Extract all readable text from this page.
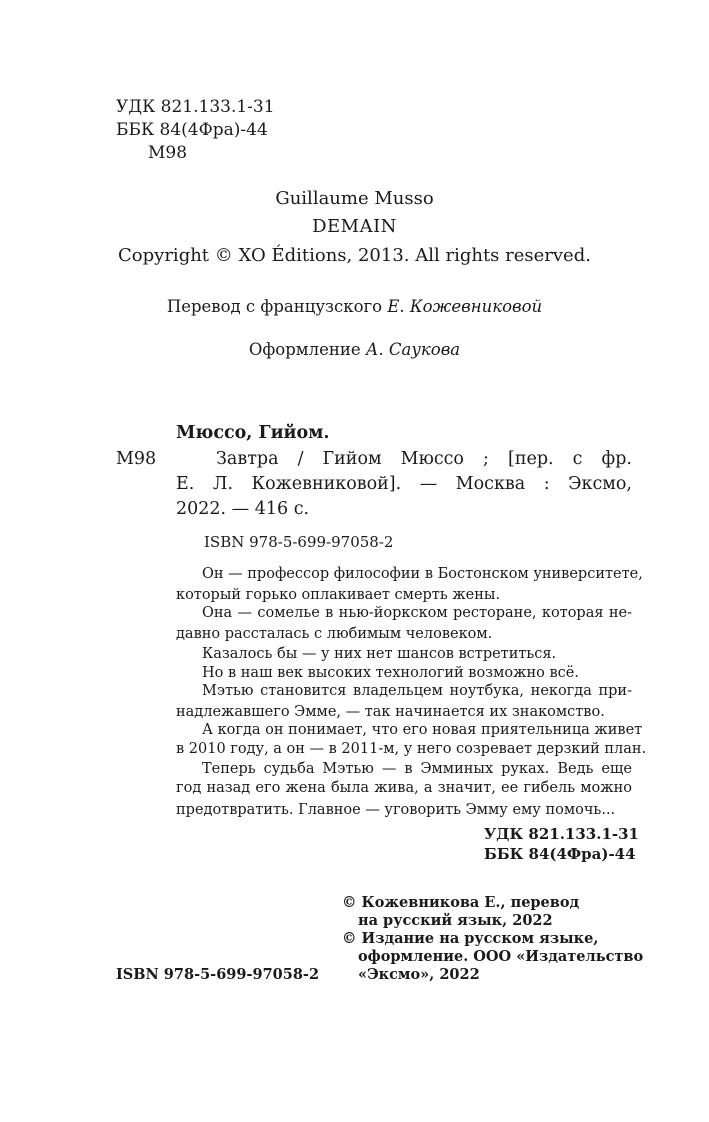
УДК 821.133.1-31
ББК 84(4Фра)-44
М98
Guillaume Musso
DEMAIN
Copyright © XO Éditions, 2013. All rights reserved.
Перевод с французского Е. Кожевниковой
Оформление А. Саукова
Мюссо, Гийом.
М98	Завтра / Гийом Мюссо ; [пер. с фр.
Е. Л. Кожевниковой]. — Москва : Эксмо,
2022. — 416 с.
ISBN 978-5-699-97058-2
Он — профессор философии в Бостонском университете,
который горько оплакивает смерть жены.
Она — сомелье в нью-йоркском ресторане, которая не-
давно рассталась с любимым человеком.
Казалось бы — у них нет шансов встретиться.
Но в наш век высоких технологий возможно всё.
Мэтью становится владельцем ноутбука, некогда при-
надлежавшего Эмме, — так начинается их знакомство.
А когда он понимает, что его новая приятельница живет
в 2010 году, а он — в 2011-м, у него созревает дерзкий план.
Теперь судьба Мэтью — в Эмминых руках. Ведь еще
год назад его жена была жива, а значит, ее гибель можно
предотвратить. Главное — уговорить Эмму ему помочь...
УДК 821.133.1-31
ББК 84(4Фра)-44
ISBN 978-5-699-97058-2
© Кожевникова Е., перевод
на русский язык, 2022
© Издание на русском языке,
оформление. ООО «Издательство
«Эксмо», 2022
